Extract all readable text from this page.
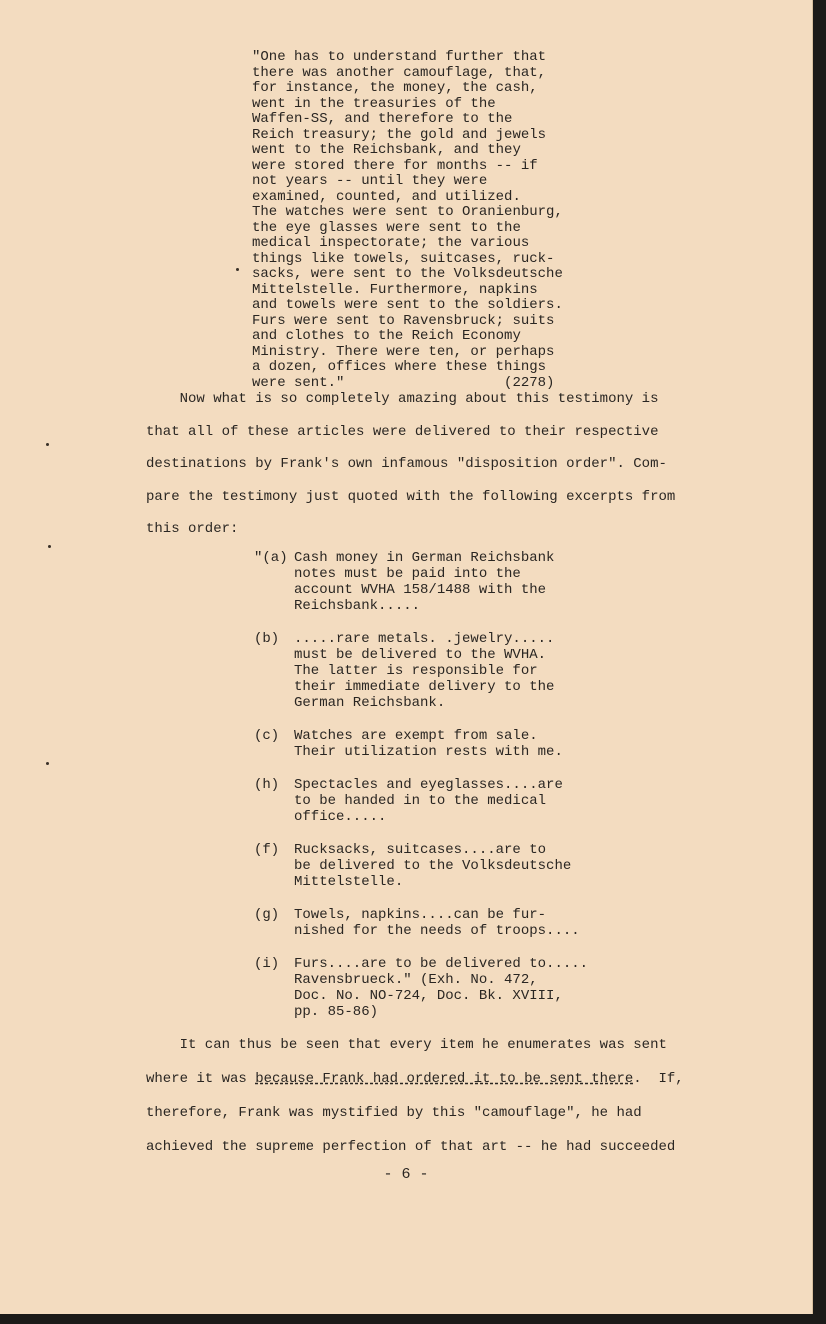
"One has to understand further that
there was another camouflage, that,
for instance, the money, the cash,
went in the treasuries of the
Waffen-SS, and therefore to the
Reich treasury; the gold and jewels
went to the Reichsbank, and they
were stored there for months -- if
not years -- until they were
examined, counted, and utilized.
The watches were sent to Oranienburg,
the eye glasses were sent to the
medical inspectorate; the various
things like towels, suitcases, ruck-
sacks, were sent to the Volksdeutsche
Mittelstelle. Furthermore, napkins
and towels were sent to the soldiers.
Furs were sent to Ravensbruck; suits
and clothes to the Reich Economy
Ministry. There were ten, or perhaps
a dozen, offices where these things
were sent."                   (2278)
Now what is so completely amazing about this testimony is
that all of these articles were delivered to their respective
destinations by Frank's own infamous "disposition order". Com-
pare the testimony just quoted with the following excerpts from
this order:
"(a) Cash money in German Reichsbank
notes must be paid into the
account WVHA 158/1488 with the
Reichsbank.....
(b)	.....rare metals. .jewelry.....
must be delivered to the WVHA.
The latter is responsible for
their immediate delivery to the
German Reichsbank.
(c)	Watches are exempt from sale.
Their utilization rests with me.
(h)	Spectacles and eyeglasses....are
to be handed in to the medical
office.....
(f)	Rucksacks, suitcases....are to
be delivered to the Volksdeutsche
Mittelstelle.
(g)	Towels, napkins....can be fur-
nished for the needs of troops....
(i)	Furs....are to be delivered to.....
Ravensbrueck." (Exh. No. 472,
Doc. No. NO-724, Doc. Bk. XVIII,
pp. 85-86)
It can thus be seen that every item he enumerates was sent
where it was because Frank had ordered it to be sent there.  If,
therefore, Frank was mystified by this "camouflage", he had
achieved the supreme perfection of that art -- he had succeeded
- 6 -
